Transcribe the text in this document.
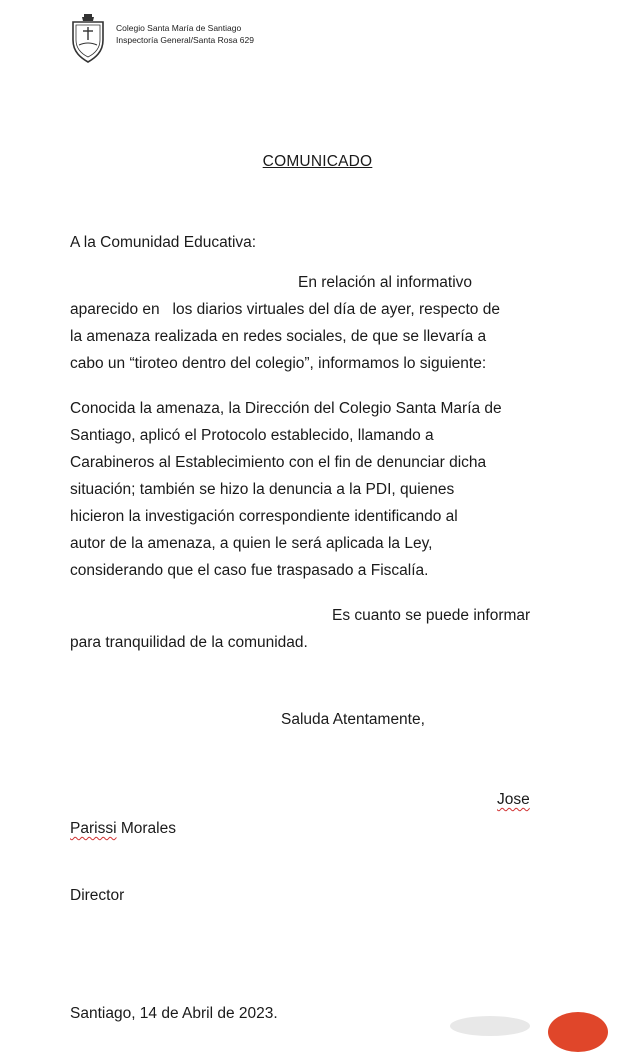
Colegio Santa María de Santiago
Inspectoría General/Santa Rosa 629
COMUNICADO

A la Comunidad Educativa:

En relación al informativo

aparecido en   los diarios virtuales del día de ayer, respecto de

la amenaza realizada en redes sociales, de que se llevaría a

cabo un “tiroteo dentro del colegio”, informamos lo siguiente:

Conocida la amenaza, la Dirección del Colegio Santa María de

Santiago, aplicó el Protocolo establecido, llamando a

Carabineros al Establecimiento con el fin de denunciar dicha

situación; también se hizo la denuncia a la PDI, quienes

hicieron la investigación correspondiente identificando al

autor de la amenaza, a quien le será aplicada la Ley,

considerando que el caso fue traspasado a Fiscalía.

Es cuanto se puede informar

para tranquilidad de la comunidad.

Saluda Atentamente,

Jose

Parissi Morales

Director

Santiago, 14 de Abril de 2023.
